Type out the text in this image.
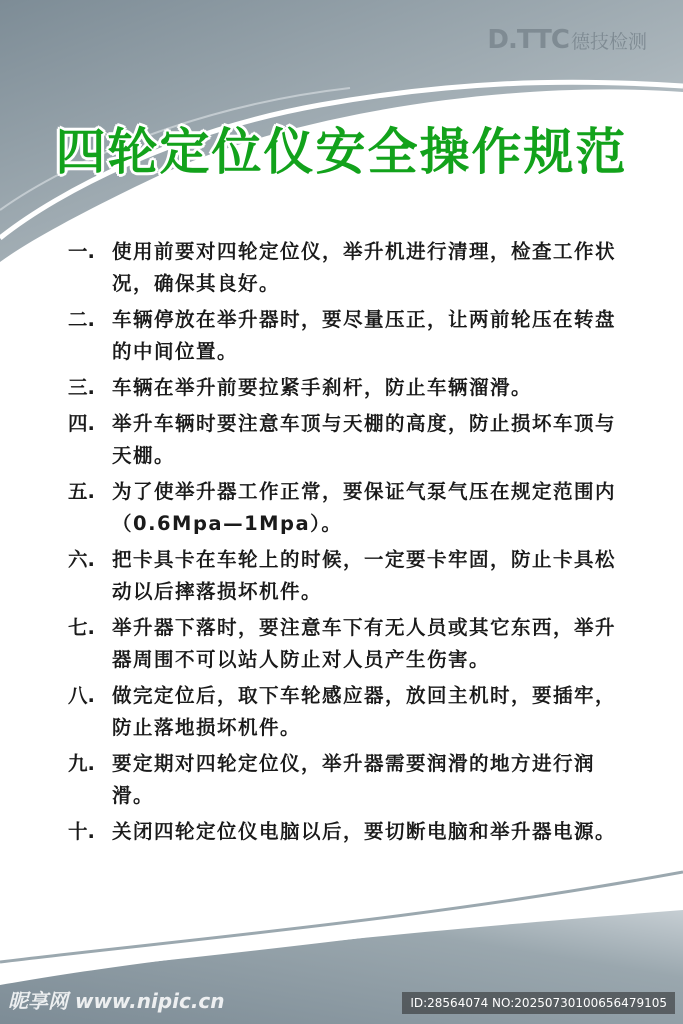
D.TTC 德技检测
四轮定位仪安全操作规范
一. 使用前要对四轮定位仪，举升机进行清理，检查工作状况，确保其良好。
二. 车辆停放在举升器时，要尽量压正，让两前轮压在转盘的中间位置。
三. 车辆在举升前要拉紧手刹杆，防止车辆溜滑。
四. 举升车辆时要注意车顶与天棚的高度，防止损坏车顶与天棚。
五. 为了使举升器工作正常，要保证气泵气压在规定范围内（0.6Mpa—1Mpa）。
六. 把卡具卡在车轮上的时候，一定要卡牢固，防止卡具松动以后摔落损坏机件。
七. 举升器下落时，要注意车下有无人员或其它东西，举升器周围不可以站人防止对人员产生伤害。
八. 做完定位后，取下车轮感应器，放回主机时，要插牢，防止落地损坏机件。
九. 要定期对四轮定位仪，举升器需要润滑的地方进行润滑。
十. 关闭四轮定位仪电脑以后，要切断电脑和举升器电源。
昵享网 www.nipic.cn	ID:28564074 NO:20250730100656479105
